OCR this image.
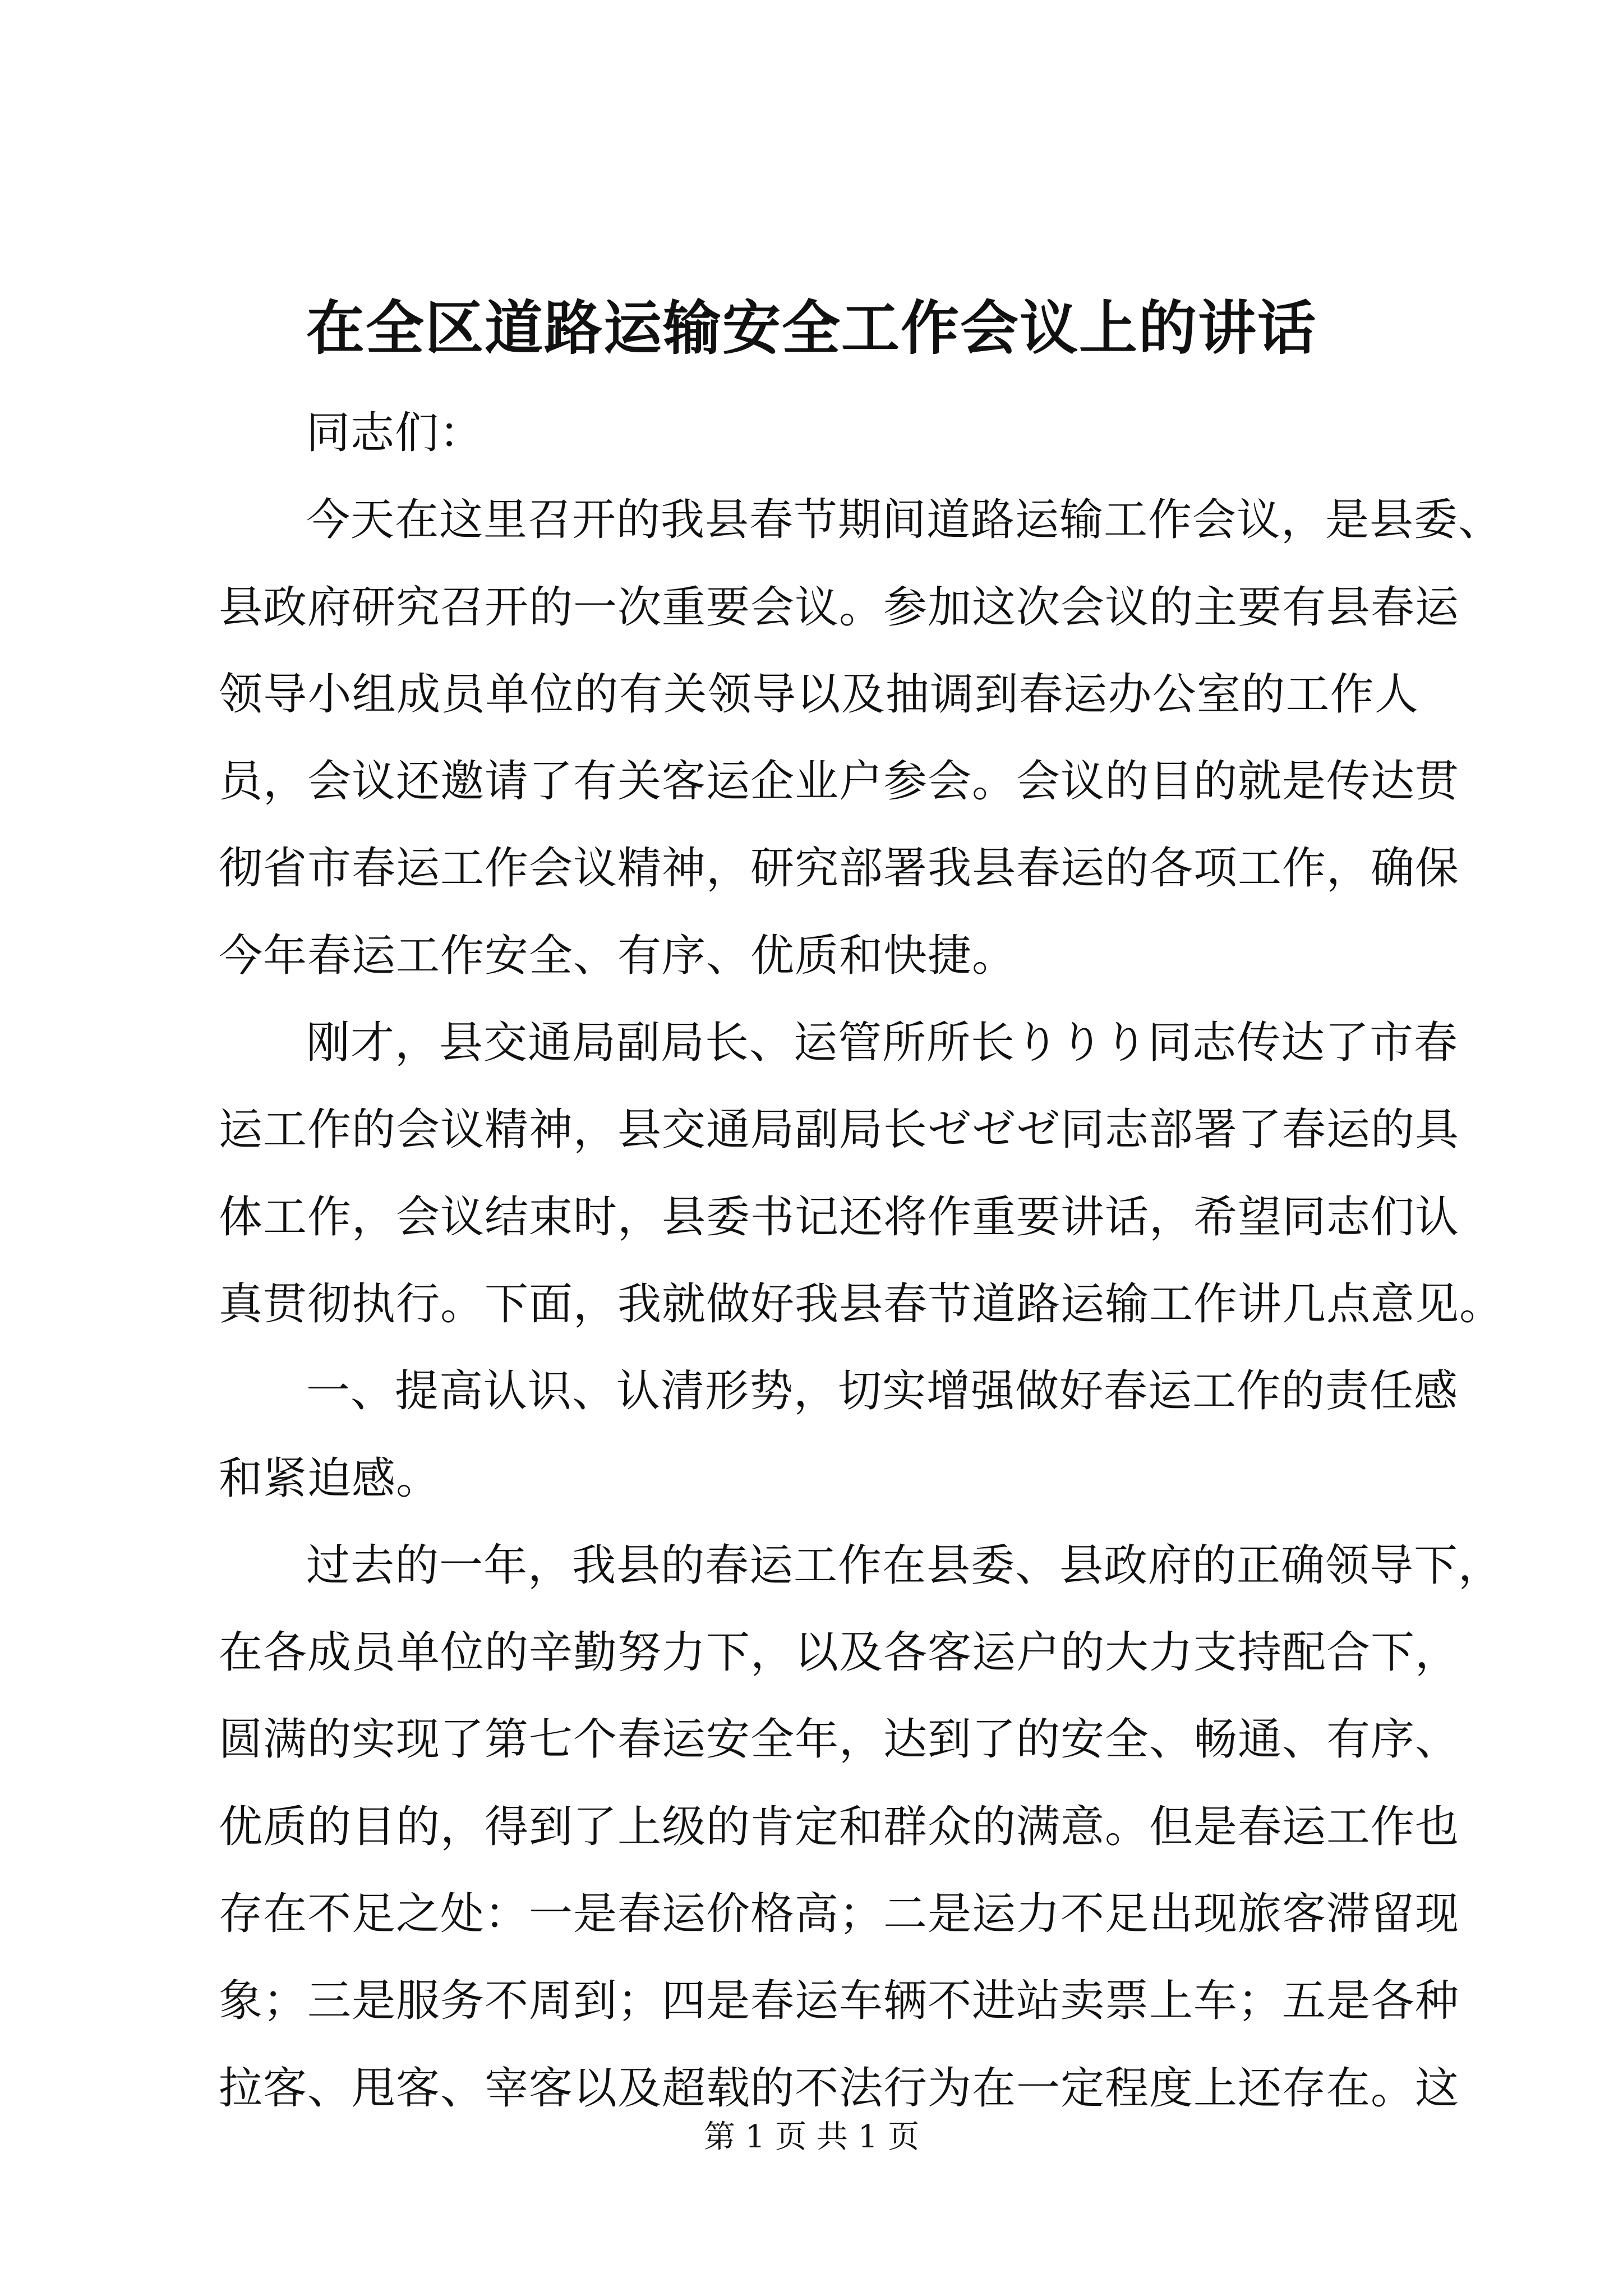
在全区道路运输安全工作会议上的讲话
同志们：
今天在这里召开的我县春节期间道路运输工作会议，是县委、
县政府研究召开的一次重要会议。参加这次会议的主要有县春运
领导小组成员单位的有关领导以及抽调到春运办公室的工作人
员，会议还邀请了有关客运企业户参会。会议的目的就是传达贯
彻省市春运工作会议精神，研究部署我县春运的各项工作，确保
今年春运工作安全、有序、优质和快捷。
刚才，县交通局副局长、运管所所长りりり同志传达了市春
运工作的会议精神，县交通局副局长ゼゼゼ同志部署了春运的具
体工作，会议结束时，县委书记还将作重要讲话，希望同志们认
真贯彻执行。下面，我就做好我县春节道路运输工作讲几点意见。
一、提高认识、认清形势，切实增强做好春运工作的责任感
和紧迫感。
过去的一年，我县的春运工作在县委、县政府的正确领导下，
在各成员单位的辛勤努力下，以及各客运户的大力支持配合下，
圆满的实现了第七个春运安全年，达到了的安全、畅通、有序、
优质的目的，得到了上级的肯定和群众的满意。但是春运工作也
存在不足之处：一是春运价格高；二是运力不足出现旅客滞留现
象；三是服务不周到；四是春运车辆不进站卖票上车；五是各种
拉客、甩客、宰客以及超载的不法行为在一定程度上还存在。这
第 1 页 共 1 页
